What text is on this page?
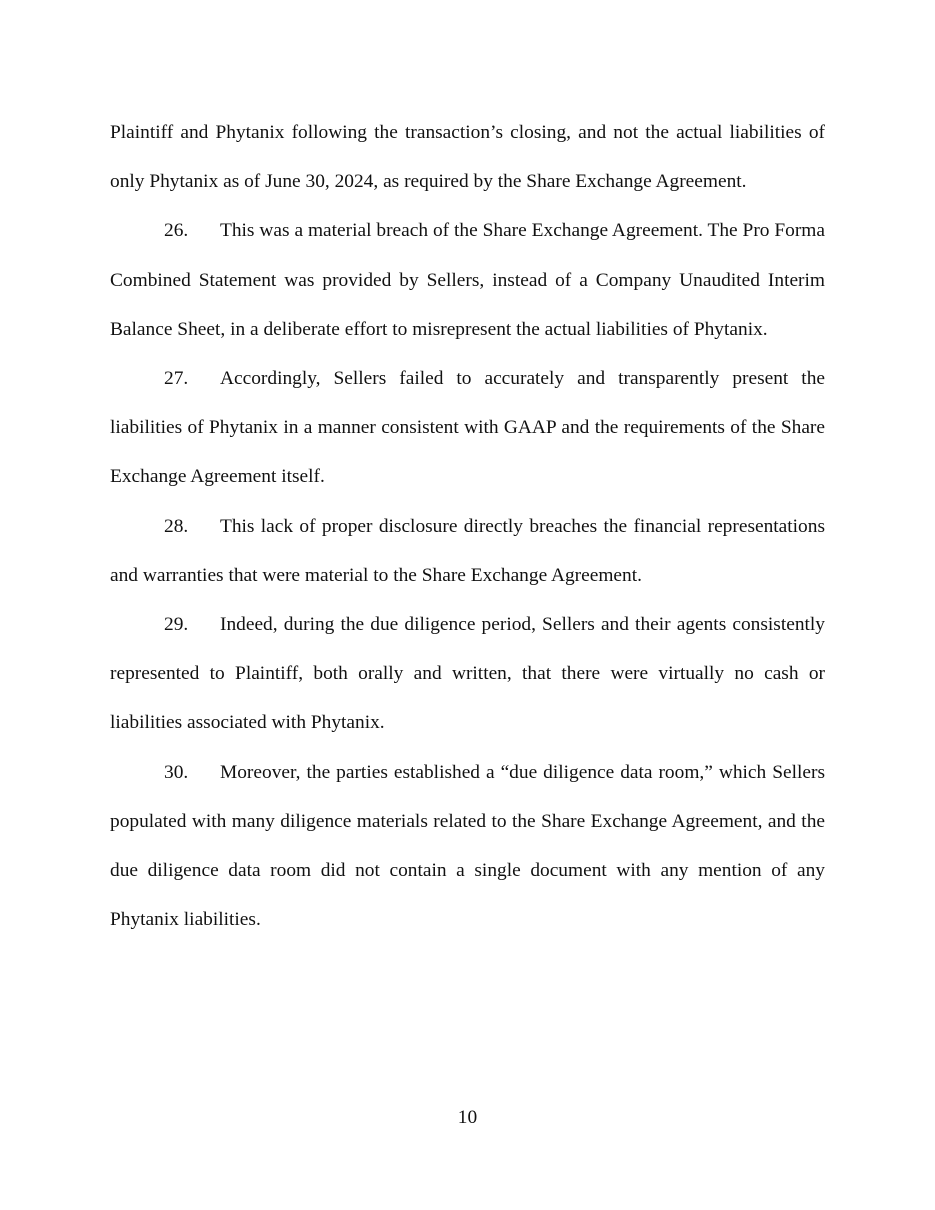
Plaintiff and Phytanix following the transaction’s closing, and not the actual liabilities of only Phytanix as of June 30, 2024, as required by the Share Exchange Agreement.

26. This was a material breach of the Share Exchange Agreement. The Pro Forma Combined Statement was provided by Sellers, instead of a Company Unaudited Interim Balance Sheet, in a deliberate effort to misrepresent the actual liabilities of Phytanix.

27. Accordingly, Sellers failed to accurately and transparently present the liabilities of Phytanix in a manner consistent with GAAP and the requirements of the Share Exchange Agreement itself.

28. This lack of proper disclosure directly breaches the financial representations and warranties that were material to the Share Exchange Agreement.

29. Indeed, during the due diligence period, Sellers and their agents consistently represented to Plaintiff, both orally and written, that there were virtually no cash or liabilities associated with Phytanix.

30. Moreover, the parties established a “due diligence data room,” which Sellers populated with many diligence materials related to the Share Exchange Agreement, and the due diligence data room did not contain a single document with any mention of any Phytanix liabilities.

10
